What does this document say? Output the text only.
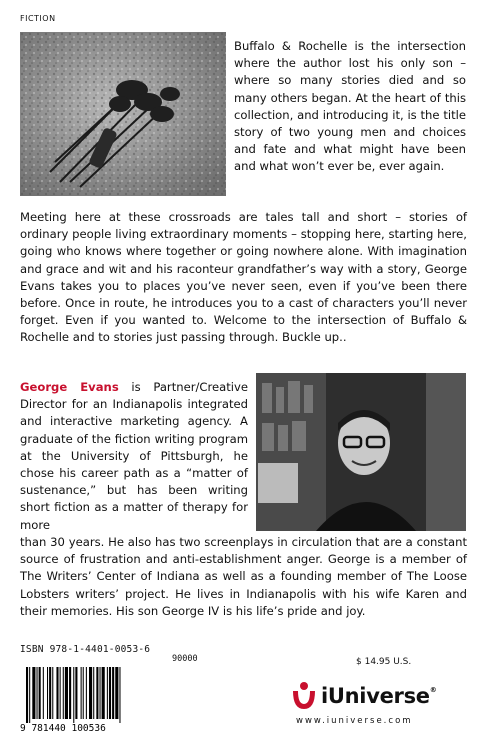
FICTION

Buffalo & Rochelle is the intersection where the author lost his only son – where so many stories died and so many others began. At the heart of this collection, and introducing it, is the title story of two young men and choices and fate and what might have been and what won’t ever be, ever again.

Meeting here at these crossroads are tales tall and short – stories of ordinary people living extraordinary moments – stopping here, starting here, going who knows where together or going nowhere alone. With imagination and grace and wit and his raconteur grandfather’s way with a story, George Evans takes you to places you’ve never seen, even if you’ve been there before. Once in route, he introduces you to a cast of characters you’ll never forget. Even if you wanted to. Welcome to the intersection of Buffalo & Rochelle and to stories just passing through. Buckle up..

George Evans is Partner/Creative Director for an Indianapolis integrated and interactive marketing agency. A graduate of the fiction writing program at the University of Pittsburgh, he chose his career path as a “matter of sustenance,” but has been writing short fiction as a matter of therapy for more

than 30 years. He also has two screenplays in circulation that are a constant source of frustration and anti-establishment anger. George is a member of The Writers’ Center of Indiana as well as a founding member of The Loose Lobsters writers’ project. He lives in Indianapolis with his wife Karen and their memories. His son George IV is his life’s pride and joy.

ISBN 978-1-4401-0053-6
90000
9 781440 100536
$ 14.95 U.S.
iUniverse®
www.iuniverse.com
